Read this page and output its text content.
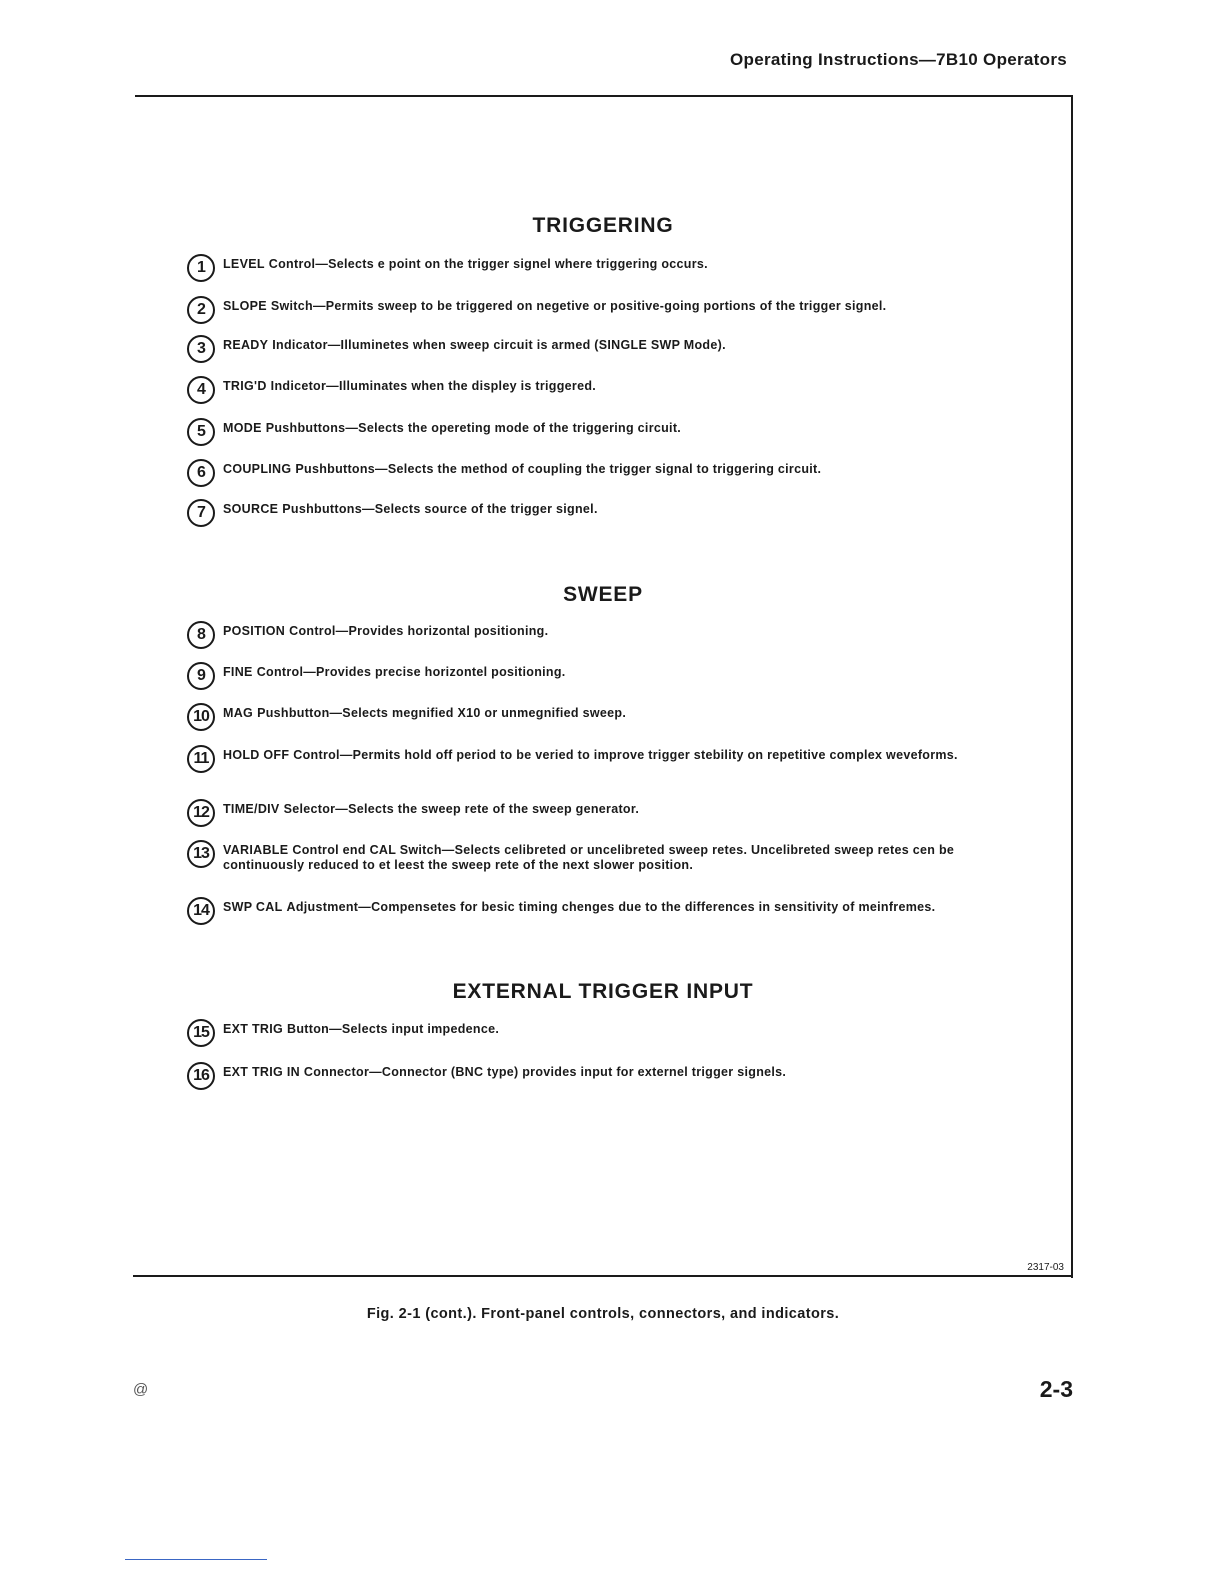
Operating Instructions—7B10 Operators
TRIGGERING
1	LEVEL Control—Selects e point on the trigger signel where triggering occurs.
2	SLOPE Switch—Permits sweep to be triggered on negetive or positive-going portions of the trigger signel.
3	READY Indicator—Illuminetes when sweep circuit is armed (SINGLE SWP Mode).
4	TRIG'D Indicetor—Illuminates when the displey is triggered.
5	MODE Pushbuttons—Selects the opereting mode of the triggering circuit.
6	COUPLING Pushbuttons—Selects the method of coupling the trigger signal to triggering circuit.
7	SOURCE Pushbuttons—Selects source of the trigger signel.
SWEEP
8	POSITION Control—Provides horizontal positioning.
9	FINE Control—Provides precise horizontel positioning.
10	MAG Pushbutton—Selects megnified X10 or unmegnified sweep.
11	HOLD OFF Control—Permits hold off period to be veried to improve trigger stebility on repetitive complex weveforms.
12	TIME/DIV Selector—Selects the sweep rete of the sweep generator.
13	VARIABLE Control end CAL Switch—Selects celibreted or uncelibreted sweep retes. Uncelibreted sweep retes cen be continuously reduced to et leest the sweep rete of the next slower position.
14	SWP CAL Adjustment—Compensetes for besic timing chenges due to the differences in sensitivity of meinfremes.
EXTERNAL TRIGGER INPUT
15	EXT TRIG Button—Selects input impedence.
16	EXT TRIG IN Connector—Connector (BNC type) provides input for externel trigger signels.
2317-03
Fig. 2-1 (cont.). Front-panel controls, connectors, and indicators.
@	2-3
